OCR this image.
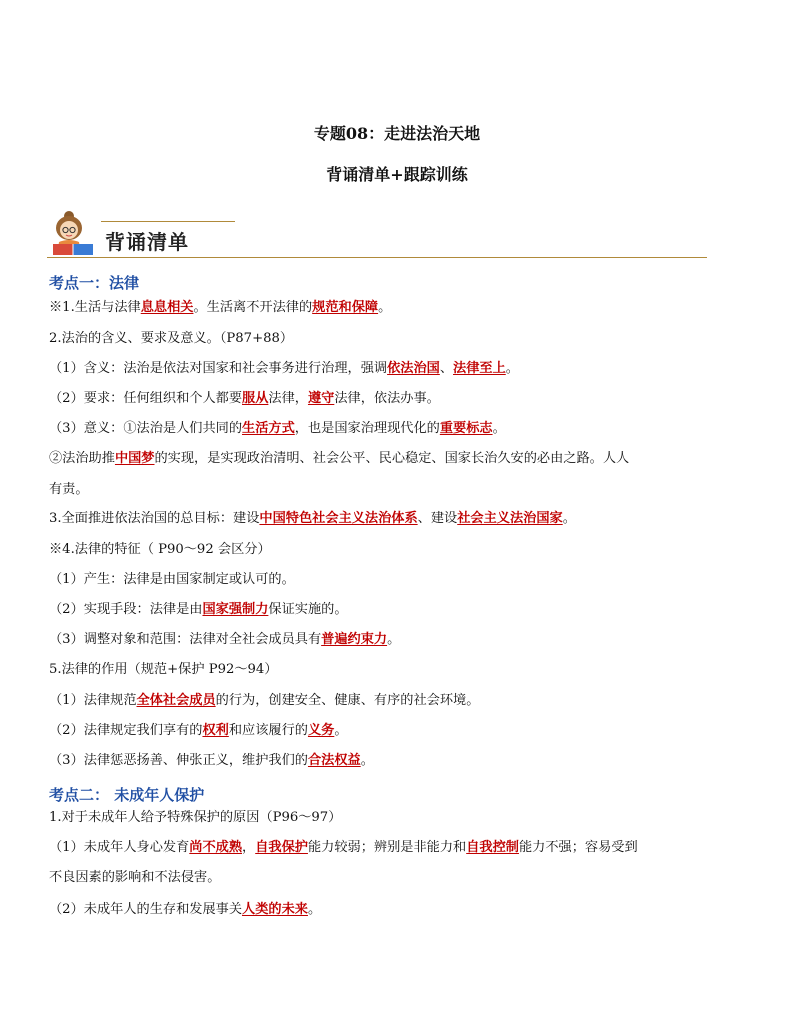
专题08：走进法治天地
背诵清单+跟踪训练
背诵清单
考点一：法律
※1.生活与法律息息相关。生活离不开法律的规范和保障。
2.法治的含义、要求及意义。（P87+88）
（1）含义：法治是依法对国家和社会事务进行治理，强调依法治国、法律至上。
（2）要求：任何组织和个人都要服从法律，遵守法律，依法办事。
（3）意义：①法治是人们共同的生活方式，也是国家治理现代化的重要标志。
②法治助推中国梦的实现，是实现政治清明、社会公平、民心稳定、国家长治久安的必由之路。人人
有责。
3.全面推进依法治国的总目标：建设中国特色社会主义法治体系、建设社会主义法治国家。
※4.法律的特征（ P90～92 会区分）
（1）产生：法律是由国家制定或认可的。
（2）实现手段：法律是由国家强制力保证实施的。
（3）调整对象和范围：法律对全社会成员具有普遍约束力。
5.法律的作用（规范+保护 P92～94）
（1）法律规范全体社会成员的行为，创建安全、健康、有序的社会环境。
（2）法律规定我们享有的权利和应该履行的义务。
（3）法律惩恶扬善、伸张正义，维护我们的合法权益。
考点二： 未成年人保护
1.对于未成年人给予特殊保护的原因（P96～97）
（1）未成年人身心发育尚不成熟，自我保护能力较弱；辨别是非能力和自我控制能力不强；容易受到
不良因素的影响和不法侵害。
（2）未成年人的生存和发展事关人类的未来。
